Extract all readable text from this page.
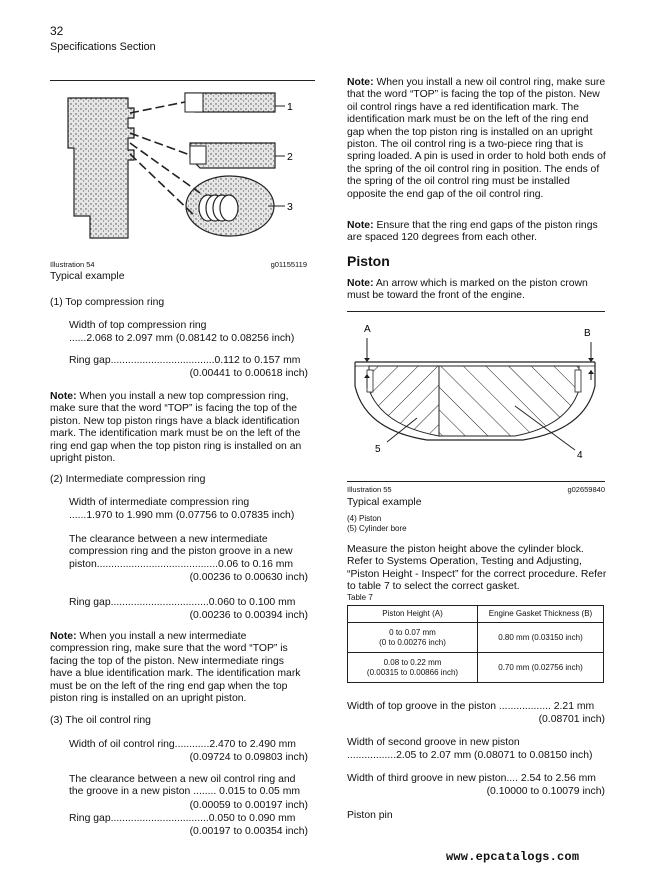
32
Specifications Section
1
2
3
Illustration 54	g01155119
Typical example
(1) Top compression ring
Width of top compression ring
......2.068 to 2.097 mm (0.08142 to 0.08256 inch)
Ring gap....................................0.112 to 0.157 mm
(0.00441 to 0.00618 inch)
Note: When you install a new top compression ring, make sure that the word “TOP” is facing the top of the piston. New top piston rings have a black identification mark. The identification mark must be on the left of the ring end gap when the top piston ring is installed on an upright piston.
(2) Intermediate compression ring
Width of intermediate compression ring
......1.970 to 1.990 mm (0.07756 to 0.07835 inch)
The clearance between a new intermediate compression ring and the piston groove in a new piston..........................................0.06 to 0.16 mm
(0.00236 to 0.00630 inch)
Ring gap..................................0.060 to 0.100 mm
(0.00236 to 0.00394 inch)
Note: When you install a new intermediate compression ring, make sure that the word “TOP” is facing the top of the piston. New intermediate rings have a blue identification mark. The identification mark must be on the left of the ring end gap when the top piston ring is installed on an upright piston.
(3) The oil control ring
Width of oil control ring............2.470 to 2.490 mm
(0.09724 to 0.09803 inch)
The clearance between a new oil control ring and the groove in a new piston ........ 0.015 to 0.05 mm
(0.00059 to 0.00197 inch)
Ring gap..................................0.050 to 0.090 mm
(0.00197 to 0.00354 inch)
Note: When you install a new oil control ring, make sure that the word “TOP” is facing the top of the piston. New oil control rings have a red identification mark. The identification mark must be on the left of the ring end gap when the top piston ring is installed on an upright piston. The oil control ring is a two-piece ring that is spring loaded. A pin is used in order to hold both ends of the spring of the oil control ring in position. The ends of the spring of the oil control ring must be installed opposite the end gap of the oil control ring.
Note: Ensure that the ring end gaps of the piston rings are spaced 120 degrees from each other.
Piston
Note: An arrow which is marked on the piston crown must be toward the front of the engine.
A	B
5
4
Illustration 55	g02659840
Typical example
(4) Piston
(5) Cylinder bore
Measure the piston height above the cylinder block. Refer to Systems Operation, Testing and Adjusting, “Piston Height - Inspect” for the correct procedure. Refer to table 7 to select the correct gasket.
Table 7
Piston Height (A)	Engine Gasket Thickness (B)
0 to 0.07 mm
(0 to 0.00276 inch)	0.80 mm (0.03150 inch)
0.08 to 0.22 mm
(0.00315 to 0.00866 inch)	0.70 mm (0.02756 inch)
Width of top groove in the piston .................. 2.21 mm
(0.08701 inch)
Width of second groove in new piston
.................2.05 to 2.07 mm (0.08071 to 0.08150 inch)
Width of third groove in new piston.... 2.54 to 2.56 mm
(0.10000 to 0.10079 inch)
Piston pin
www.epcatalogs.com
